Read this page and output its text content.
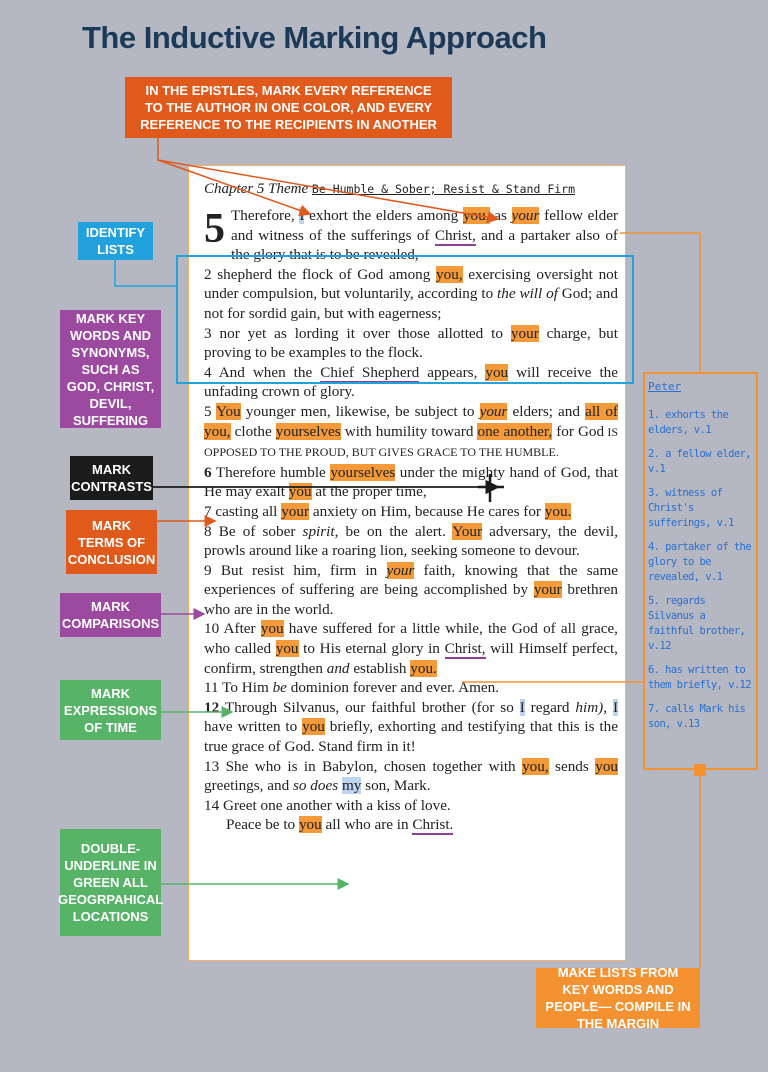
The Inductive Marking Approach
IN THE EPISTLES, MARK EVERY REFERENCE TO THE AUTHOR IN ONE COLOR, AND EVERY REFERENCE TO THE RECIPIENTS IN ANOTHER
IDENTIFY LISTS
MARK KEY WORDS AND SYNONYMS, SUCH AS GOD, CHRIST, DEVIL, SUFFERING
MARK CONTRASTS
MARK TERMS OF CONCLUSION
MARK COMPARISONS
MARK EXPRESSIONS OF TIME
DOUBLE-UNDERLINE IN GREEN ALL GEOGRPAHICAL LOCATIONS
MAKE LISTS FROM KEY WORDS AND PEOPLE— COMPILE IN THE MARGIN
Chapter 5 Theme Be Humble & Sober; Resist & Stand Firm

5 Therefore, I exhort the elders among you, as your fellow elder and witness of the sufferings of Christ, and a partaker also of the glory that is to be revealed,

2 shepherd the flock of God among you, exercising oversight not under compulsion, but voluntarily, according to the will of God; and not for sordid gain, but with eagerness;

3 nor yet as lording it over those allotted to your charge, but proving to be examples to the flock.

4 And when the Chief Shepherd appears, you will receive the unfading crown of glory.

5 You younger men, likewise, be subject to your elders; and all of you, clothe yourselves with humility toward one another, for God IS OPPOSED TO THE PROUD, BUT GIVES GRACE TO THE HUMBLE.

6 Therefore humble yourselves under the mighty hand of God, that He may exalt you at the proper time,

7 casting all your anxiety on Him, because He cares for you.

8 Be of sober spirit, be on the alert. Your adversary, the devil, prowls around like a roaring lion, seeking someone to devour.

9 But resist him, firm in your faith, knowing that the same experiences of suffering are being accomplished by your brethren who are in the world.

10 After you have suffered for a little while, the God of all grace, who called you to His eternal glory in Christ, will Himself perfect, confirm, strengthen and establish you.

11 To Him be dominion forever and ever. Amen.

12 Through Silvanus, our faithful brother (for so I regard him), I have written to you briefly, exhorting and testifying that this is the true grace of God. Stand firm in it!

13 She who is in Babylon, chosen together with you, sends you greetings, and so does my son, Mark.

14 Greet one another with a kiss of love.

Peace be to you all who are in Christ.

Peter
1. exhorts the elders, v.1
2. a fellow elder, v.1
3. witness of Christ's sufferings, v.1
4. partaker of the glory to be revealed, v.1
5. regards Silvanus a faithful brother, v.12
6. has written to them briefly, v.12
7. calls Mark his son, v.13
